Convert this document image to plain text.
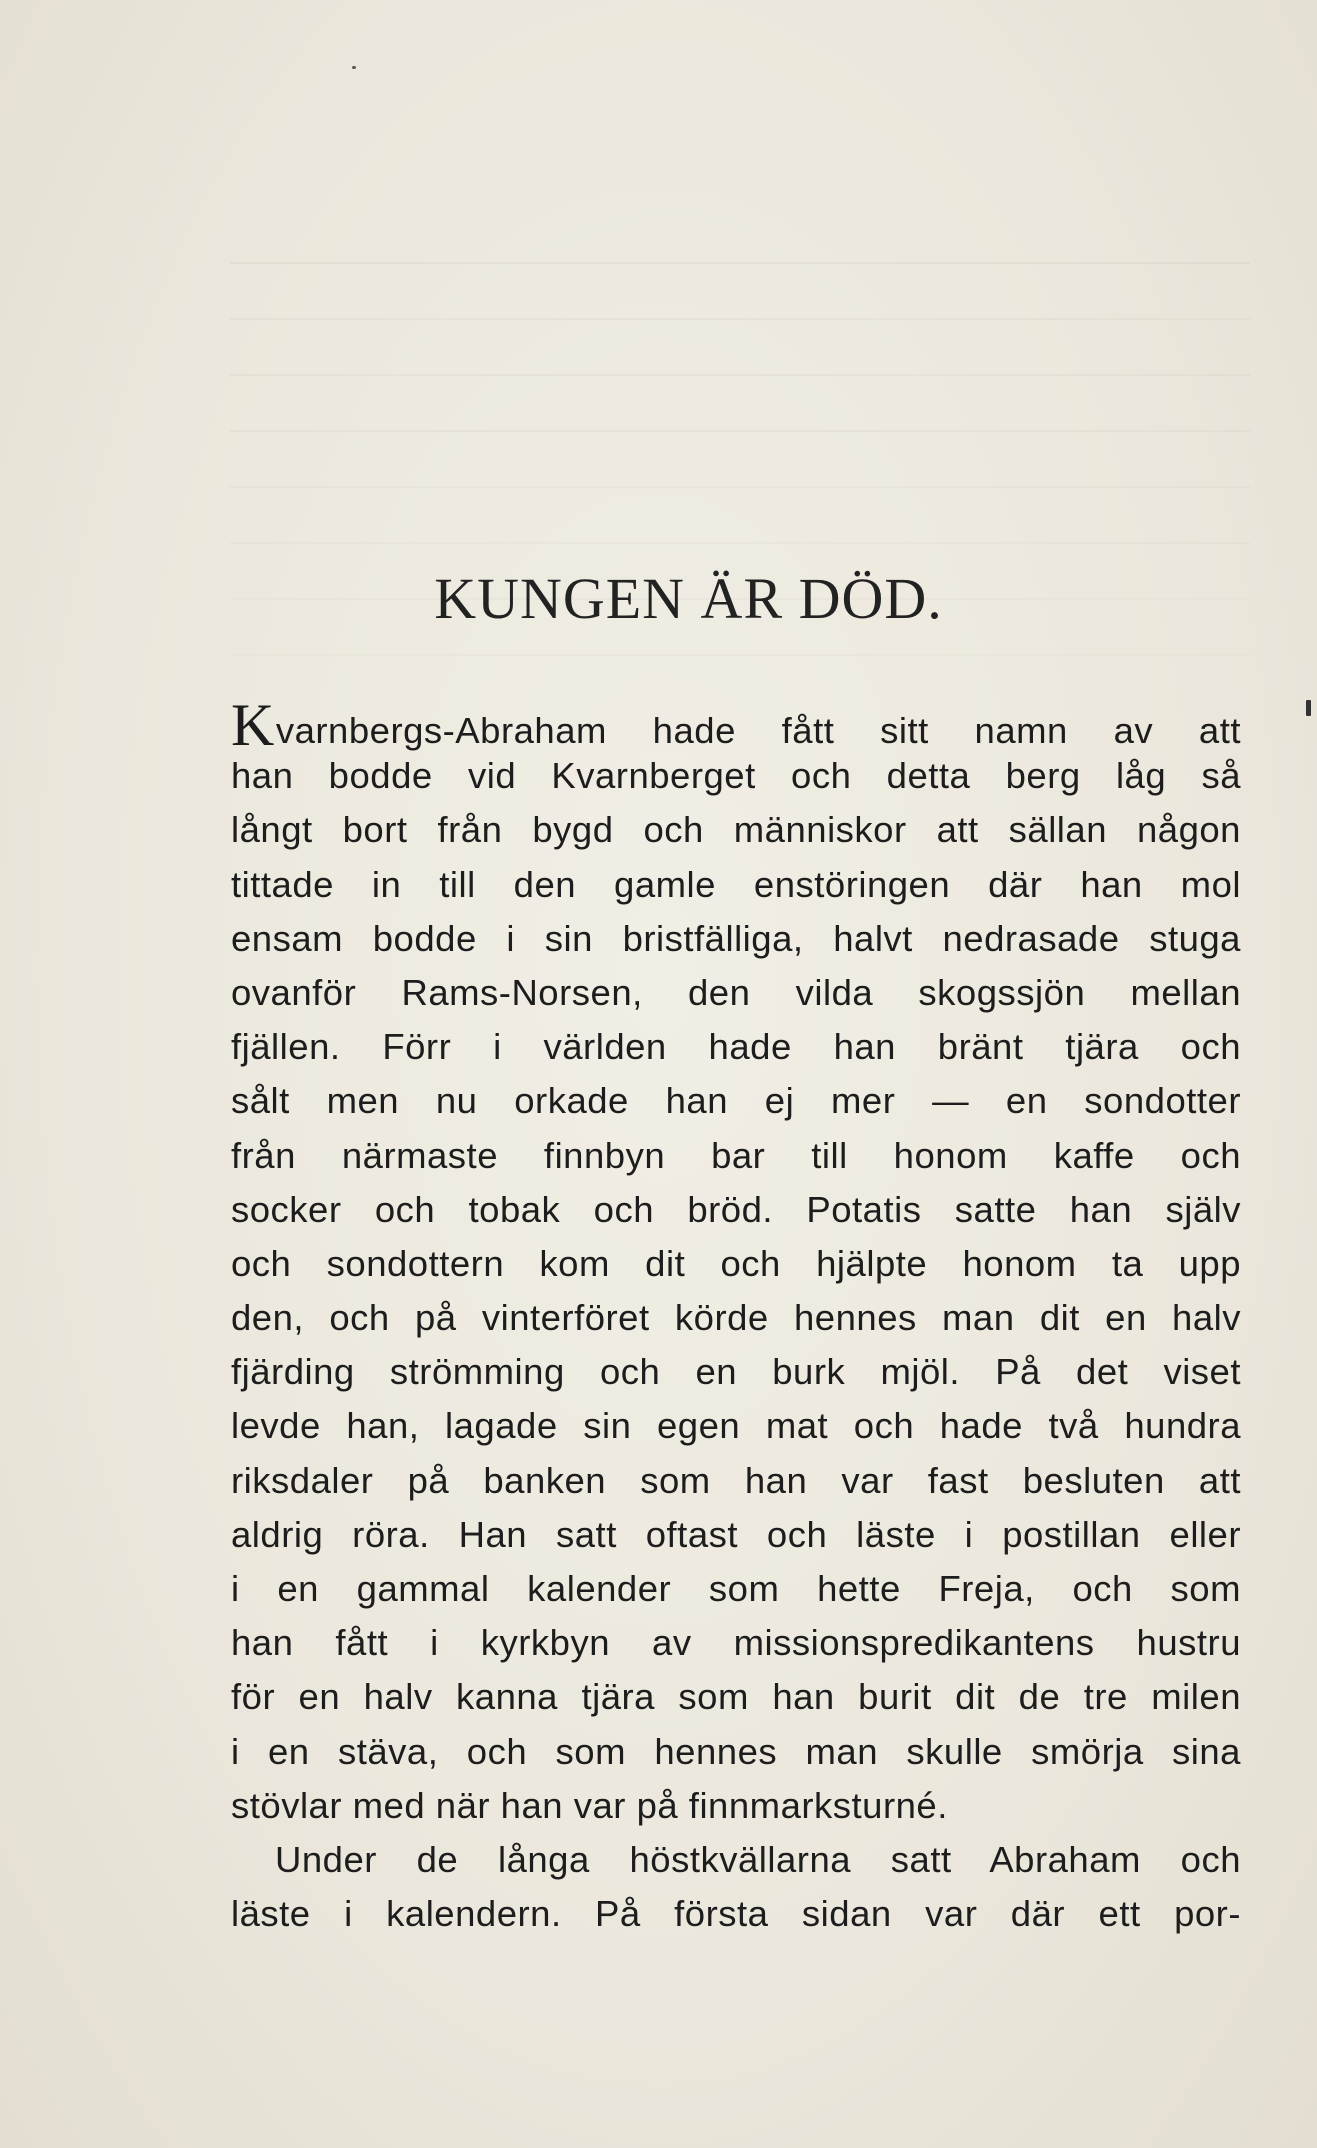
KUNGEN ÄR DÖD.
Kvarnbergs-Abraham hade fått sitt namn av att
han bodde vid Kvarnberget och detta berg låg så
långt bort från bygd och människor att sällan någon
tittade in till den gamle enstöringen där han mol
ensam bodde i sin bristfälliga, halvt nedrasade stuga
ovanför Rams-Norsen, den vilda skogssjön mellan
fjällen. Förr i världen hade han bränt tjära och
sålt men nu orkade han ej mer — en sondotter
från närmaste finnbyn bar till honom kaffe och
socker och tobak och bröd. Potatis satte han själv
och sondottern kom dit och hjälpte honom ta upp
den, och på vinterföret körde hennes man dit en halv
fjärding strömming och en burk mjöl. På det viset
levde han, lagade sin egen mat och hade två hundra
riksdaler på banken som han var fast besluten att
aldrig röra. Han satt oftast och läste i postillan eller
i en gammal kalender som hette Freja, och som
han fått i kyrkbyn av missionspredikantens hustru
för en halv kanna tjära som han burit dit de tre milen
i en stäva, och som hennes man skulle smörja sina
stövlar med när han var på finnmarksturné.
Under de långa höstkvällarna satt Abraham och
läste i kalendern. På första sidan var där ett por-
